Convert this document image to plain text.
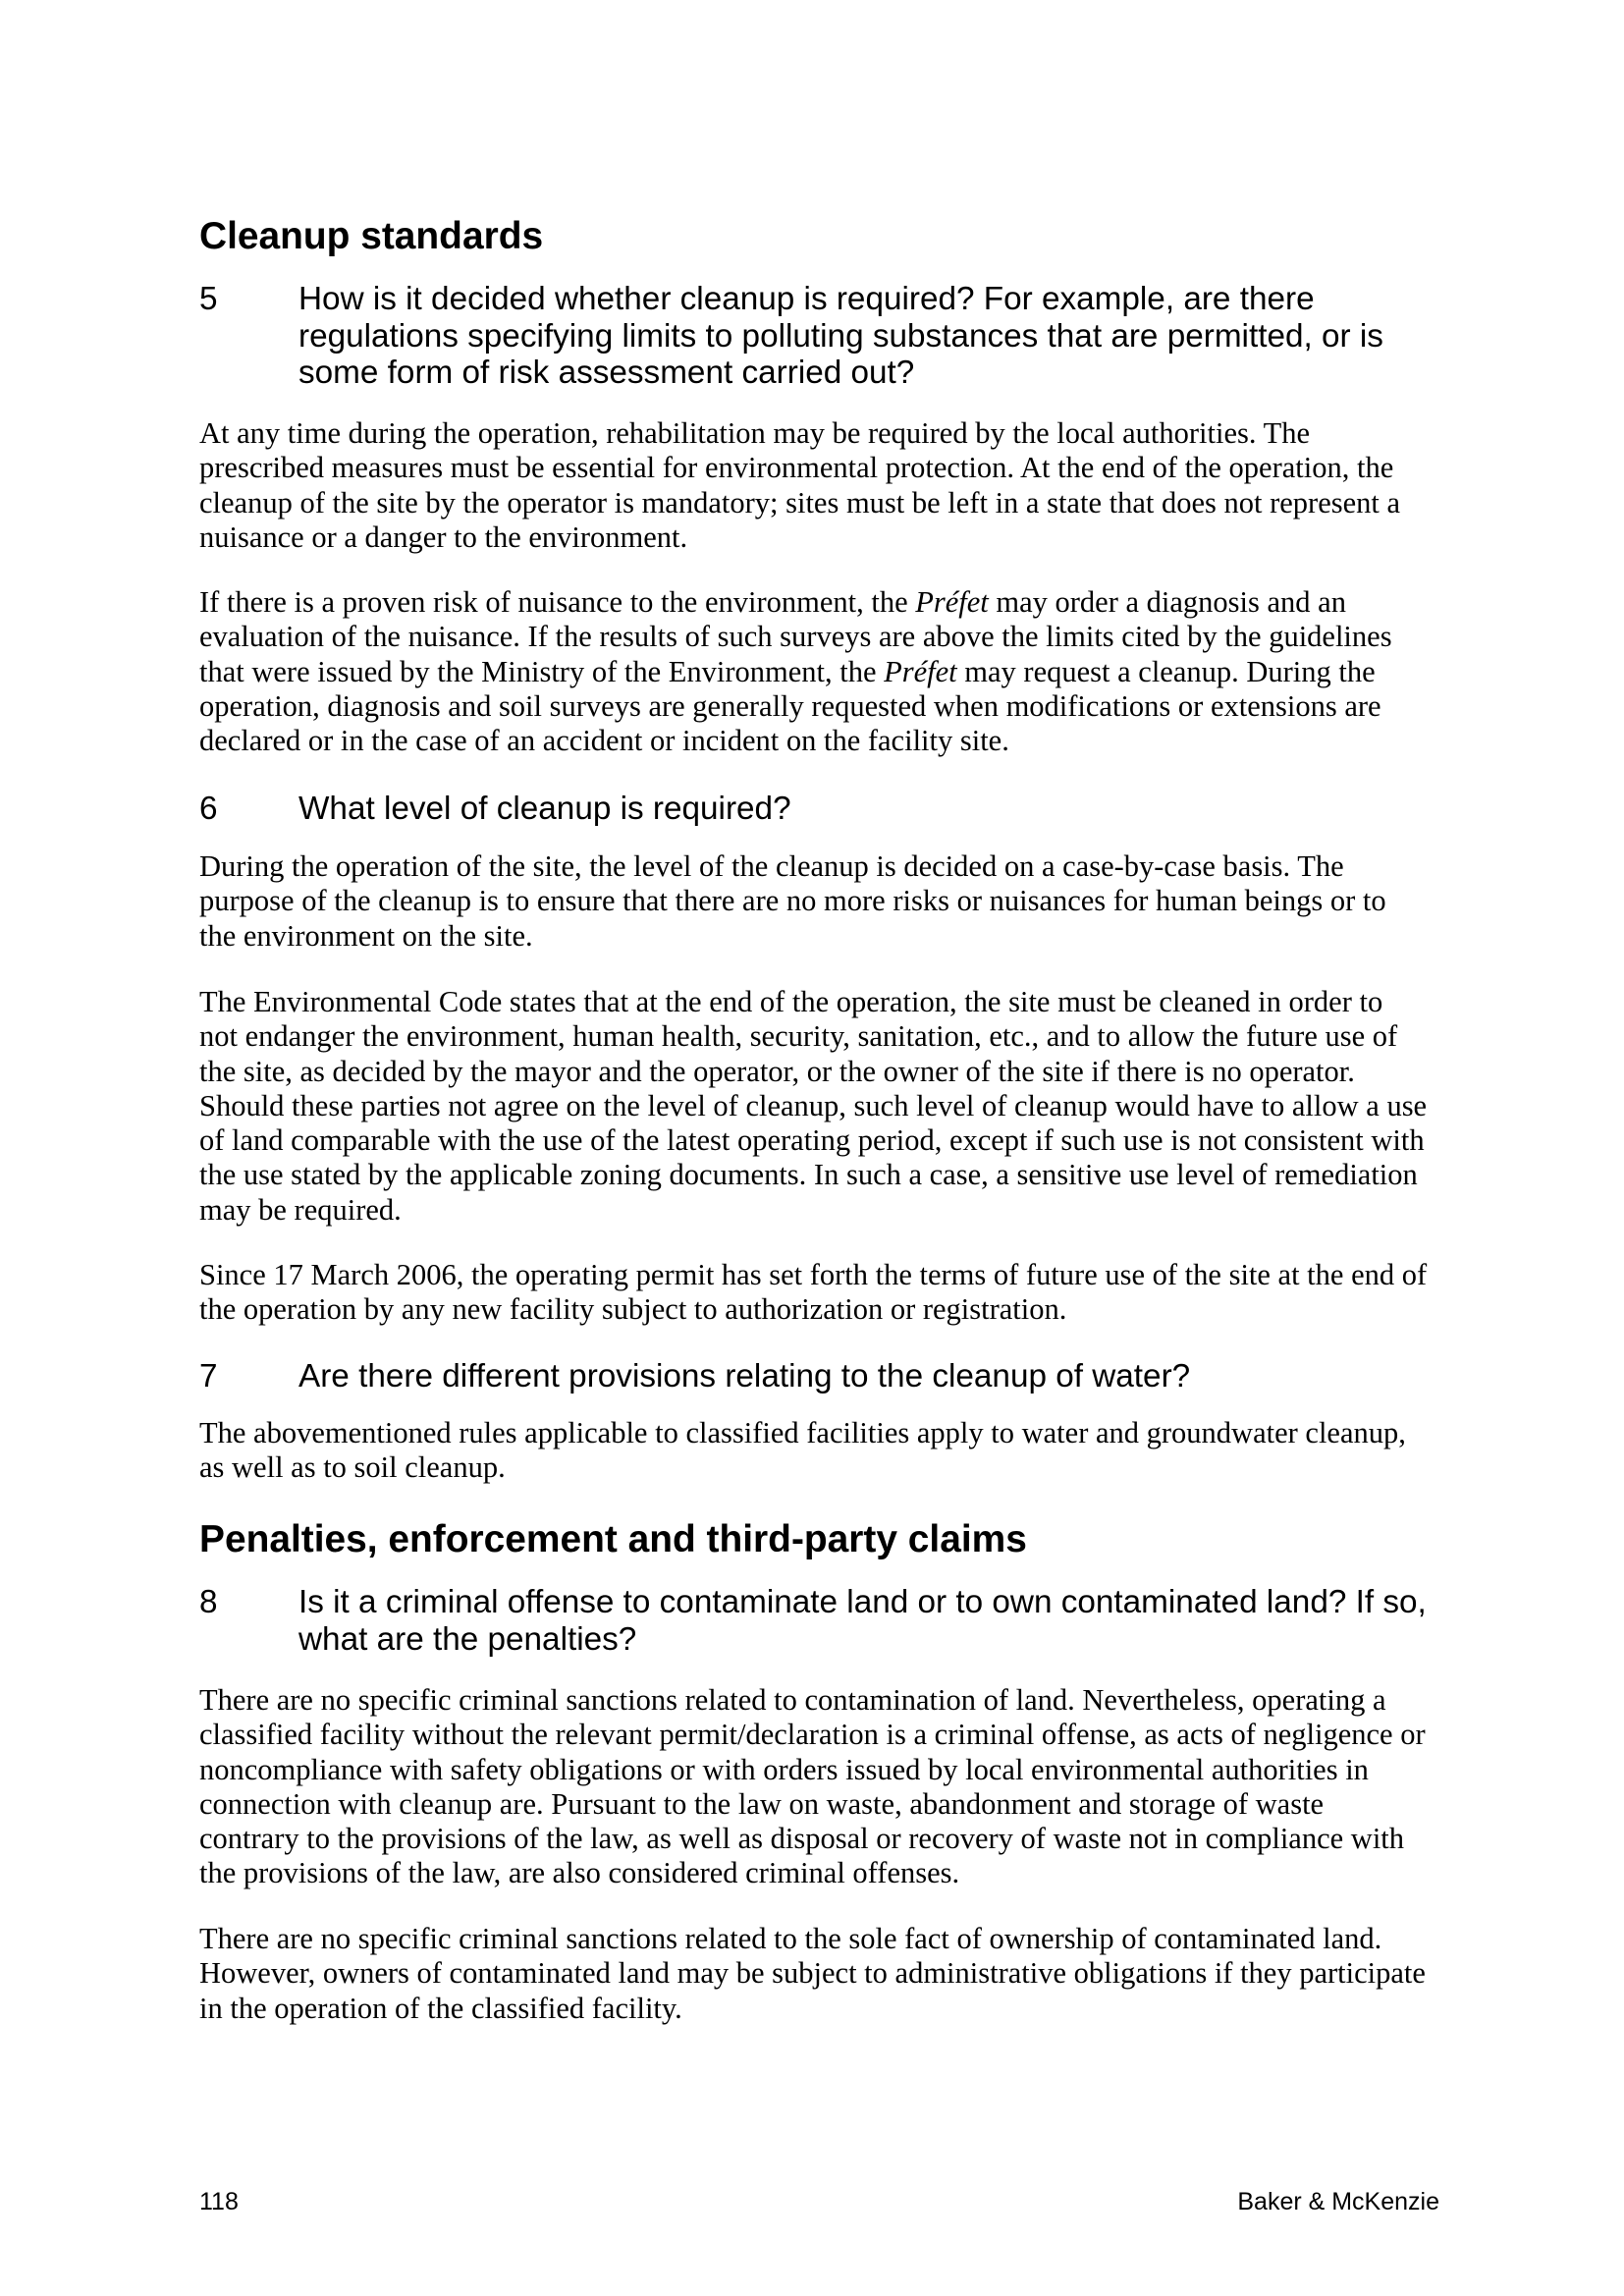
Cleanup standards
5 How is it decided whether cleanup is required? For example, are there
regulations specifying limits to polluting substances that are permitted, or is
some form of risk assessment carried out?

At any time during the operation, rehabilitation may be required by the local authorities. The
prescribed measures must be essential for environmental protection. At the end of the operation, the
cleanup of the site by the operator is mandatory; sites must be left in a state that does not represent a
nuisance or a danger to the environment.

If there is a proven risk of nuisance to the environment, the Préfet may order a diagnosis and an
evaluation of the nuisance. If the results of such surveys are above the limits cited by the guidelines
that were issued by the Ministry of the Environment, the Préfet may request a cleanup. During the
operation, diagnosis and soil surveys are generally requested when modifications or extensions are
declared or in the case of an accident or incident on the facility site.

6 What level of cleanup is required?

During the operation of the site, the level of the cleanup is decided on a case-by-case basis. The
purpose of the cleanup is to ensure that there are no more risks or nuisances for human beings or to
the environment on the site.

The Environmental Code states that at the end of the operation, the site must be cleaned in order to
not endanger the environment, human health, security, sanitation, etc., and to allow the future use of
the site, as decided by the mayor and the operator, or the owner of the site if there is no operator.
Should these parties not agree on the level of cleanup, such level of cleanup would have to allow a use
of land comparable with the use of the latest operating period, except if such use is not consistent with
the use stated by the applicable zoning documents. In such a case, a sensitive use level of remediation
may be required.

Since 17 March 2006, the operating permit has set forth the terms of future use of the site at the end of
the operation by any new facility subject to authorization or registration.

7 Are there different provisions relating to the cleanup of water?

The abovementioned rules applicable to classified facilities apply to water and groundwater cleanup,
as well as to soil cleanup.

Penalties, enforcement and third-party claims
8 Is it a criminal offense to contaminate land or to own contaminated land? If so,
what are the penalties?

There are no specific criminal sanctions related to contamination of land. Nevertheless, operating a
classified facility without the relevant permit/declaration is a criminal offense, as acts of negligence or
noncompliance with safety obligations or with orders issued by local environmental authorities in
connection with cleanup are. Pursuant to the law on waste, abandonment and storage of waste
contrary to the provisions of the law, as well as disposal or recovery of waste not in compliance with
the provisions of the law, are also considered criminal offenses.

There are no specific criminal sanctions related to the sole fact of ownership of contaminated land.
However, owners of contaminated land may be subject to administrative obligations if they participate
in the operation of the classified facility.

118	Baker & McKenzie
